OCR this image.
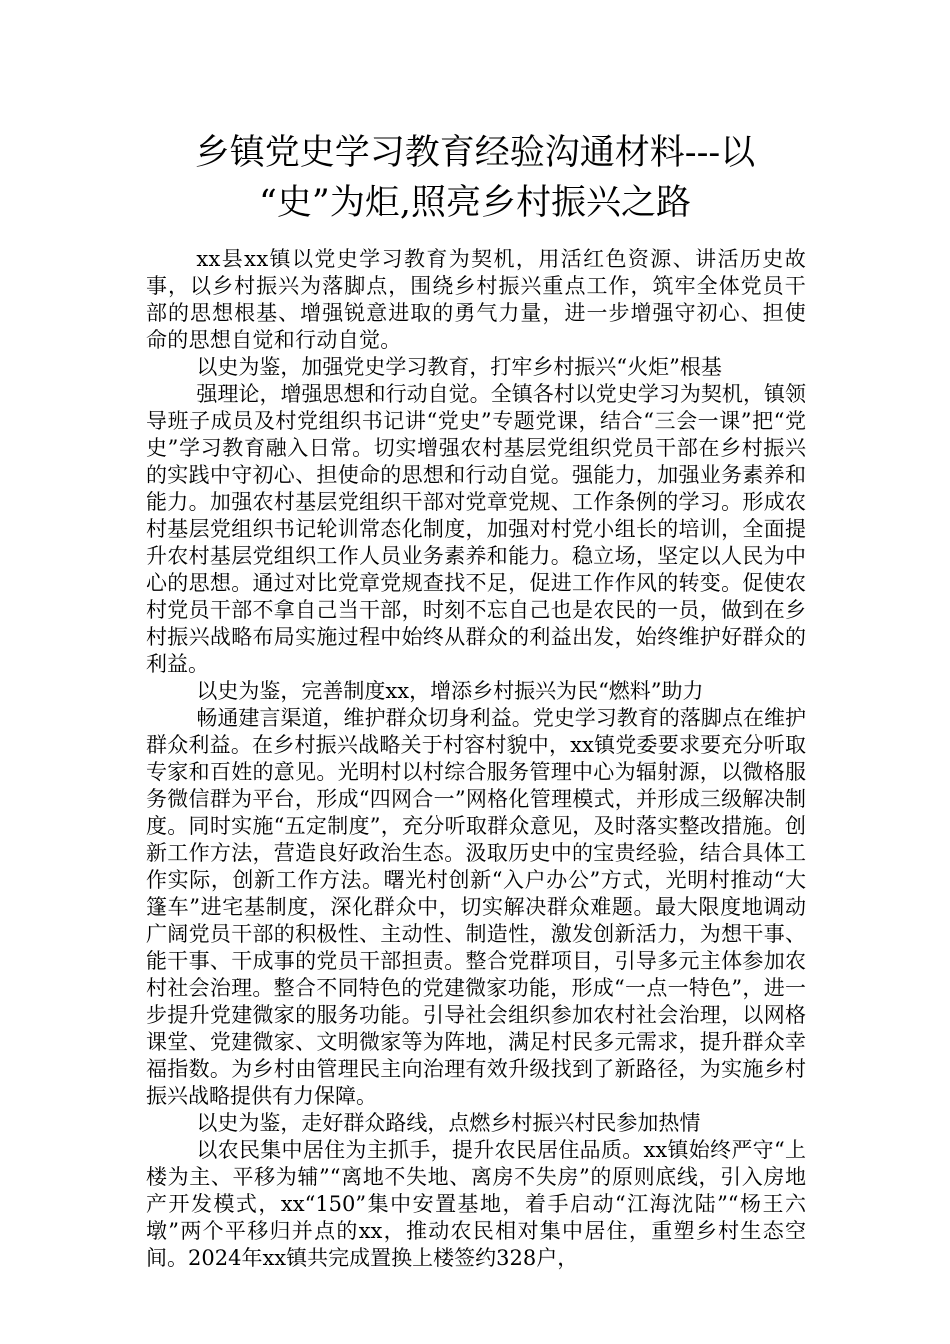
乡镇党史学习教育经验沟通材料---以
“史”为炬,照亮乡村振兴之路

xx县xx镇以党史学习教育为契机，用活红色资源、讲活历史故事，以乡村振兴为落脚点，围绕乡村振兴重点工作，筑牢全体党员干部的思想根基、增强锐意进取的勇气力量，进一步增强守初心、担使命的思想自觉和行动自觉。

以史为鉴，加强党史学习教育，打牢乡村振兴“火炬”根基

强理论，增强思想和行动自觉。全镇各村以党史学习为契机，镇领导班子成员及村党组织书记讲“党史”专题党课，结合“三会一课”把“党史”学习教育融入日常。切实增强农村基层党组织党员干部在乡村振兴的实践中守初心、担使命的思想和行动自觉。强能力，加强业务素养和能力。加强农村基层党组织干部对党章党规、工作条例的学习。形成农村基层党组织书记轮训常态化制度，加强对村党小组长的培训，全面提升农村基层党组织工作人员业务素养和能力。稳立场，坚定以人民为中心的思想。通过对比党章党规查找不足，促进工作作风的转变。促使农村党员干部不拿自己当干部，时刻不忘自己也是农民的一员，做到在乡村振兴战略布局实施过程中始终从群众的利益出发，始终维护好群众的利益。

以史为鉴，完善制度xx，增添乡村振兴为民“燃料”助力

畅通建言渠道，维护群众切身利益。党史学习教育的落脚点在维护群众利益。在乡村振兴战略关于村容村貌中，xx镇党委要求要充分听取专家和百姓的意见。光明村以村综合服务管理中心为辐射源，以微格服务微信群为平台，形成“四网合一”网格化管理模式，并形成三级解决制度。同时实施“五定制度”，充分听取群众意见，及时落实整改措施。创新工作方法，营造良好政治生态。汲取历史中的宝贵经验，结合具体工作实际，创新工作方法。曙光村创新“入户办公”方式，光明村推动“大篷车”进宅基制度，深化群众中，切实解决群众难题。最大限度地调动广阔党员干部的积极性、主动性、制造性，激发创新活力，为想干事、能干事、干成事的党员干部担责。整合党群项目，引导多元主体参加农村社会治理。整合不同特色的党建微家功能，形成“一点一特色”，进一步提升党建微家的服务功能。引导社会组织参加农村社会治理，以网格课堂、党建微家、文明微家等为阵地，满足村民多元需求，提升群众幸福指数。为乡村由管理民主向治理有效升级找到了新路径，为实施乡村振兴战略提供有力保障。

以史为鉴，走好群众路线，点燃乡村振兴村民参加热情

以农民集中居住为主抓手，提升农民居住品质。xx镇始终严守“上楼为主、平移为辅”“离地不失地、离房不失房”的原则底线，引入房地产开发模式，xx“150”集中安置基地，着手启动“江海沈陆”“杨王六墩”两个平移归并点的xx，推动农民相对集中居住，重塑乡村生态空间。2024年xx镇共完成置换上楼签约328户，
